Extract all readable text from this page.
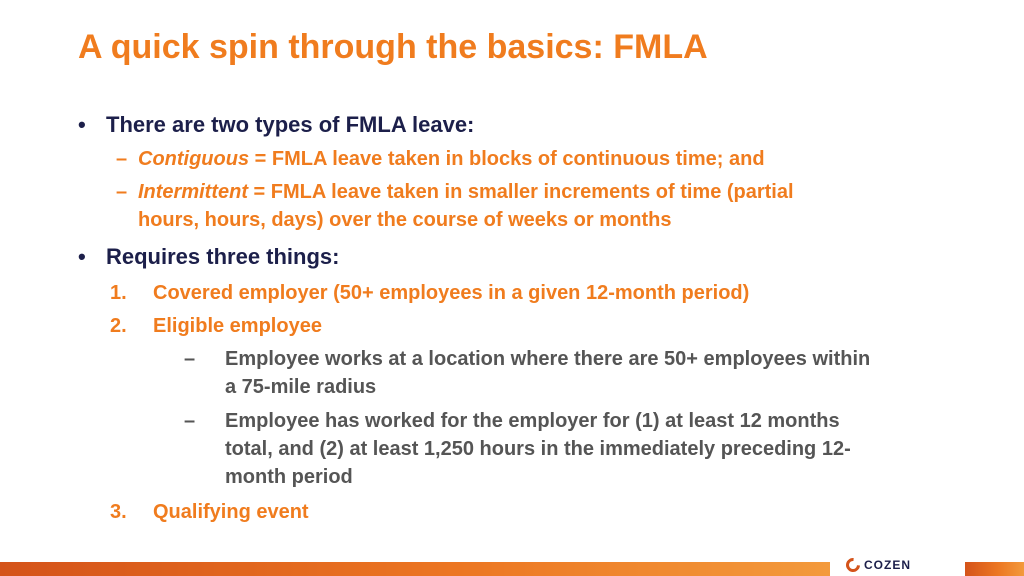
A quick spin through the basics: FMLA
• There are two types of FMLA leave:
– Contiguous = FMLA leave taken in blocks of continuous time; and
– Intermittent = FMLA leave taken in smaller increments of time (partial
hours, hours, days) over the course of weeks or months
• Requires three things:
1. Covered employer (50+ employees in a given 12-month period)
2. Eligible employee
– Employee works at a location where there are 50+ employees within
a 75-mile radius
– Employee has worked for the employer for (1) at least 12 months
total, and (2) at least 1,250 hours in the immediately preceding 12-
month period
3. Qualifying event
COZEN
